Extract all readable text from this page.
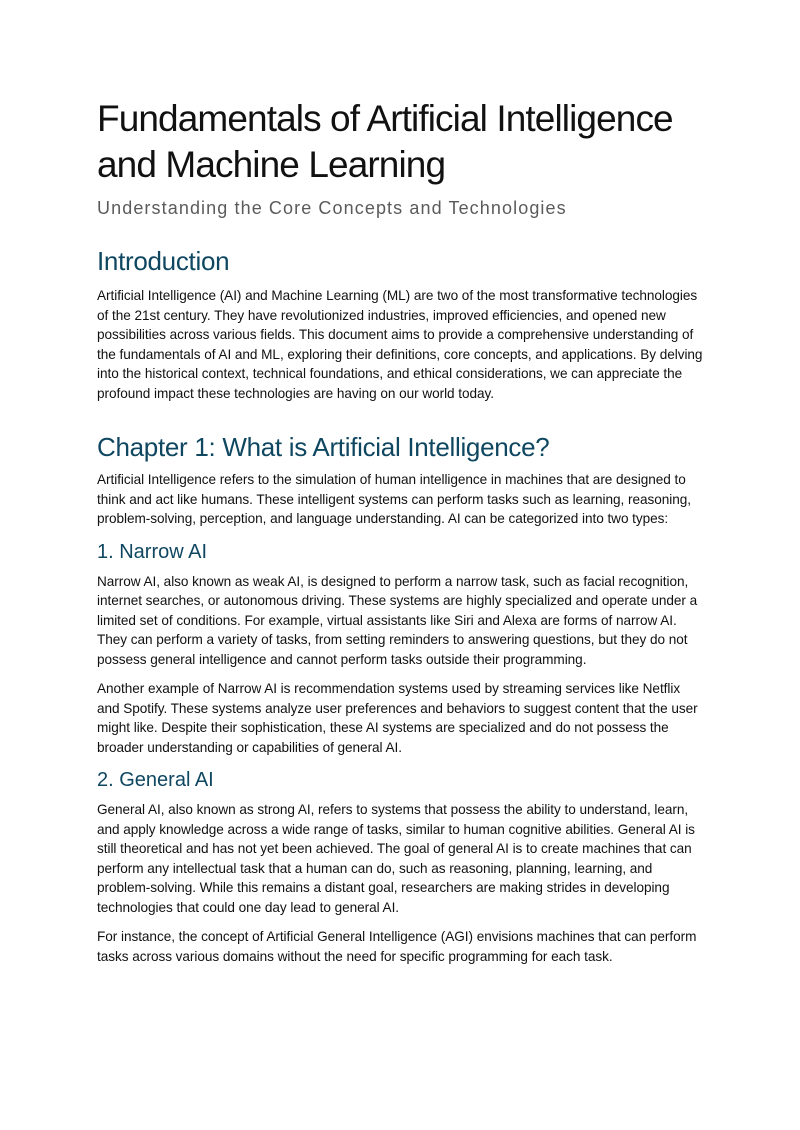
Fundamentals of Artificial Intelligence and Machine Learning
Understanding the Core Concepts and Technologies
Introduction

Artificial Intelligence (AI) and Machine Learning (ML) are two of the most transformative technologies of the 21st century. They have revolutionized industries, improved efficiencies, and opened new possibilities across various fields. This document aims to provide a comprehensive understanding of the fundamentals of AI and ML, exploring their definitions, core concepts, and applications. By delving into the historical context, technical foundations, and ethical considerations, we can appreciate the profound impact these technologies are having on our world today.

Chapter 1: What is Artificial Intelligence?

Artificial Intelligence refers to the simulation of human intelligence in machines that are designed to think and act like humans. These intelligent systems can perform tasks such as learning, reasoning, problem-solving, perception, and language understanding. AI can be categorized into two types:

1. Narrow AI

Narrow AI, also known as weak AI, is designed to perform a narrow task, such as facial recognition, internet searches, or autonomous driving. These systems are highly specialized and operate under a limited set of conditions. For example, virtual assistants like Siri and Alexa are forms of narrow AI. They can perform a variety of tasks, from setting reminders to answering questions, but they do not possess general intelligence and cannot perform tasks outside their programming.

Another example of Narrow AI is recommendation systems used by streaming services like Netflix and Spotify. These systems analyze user preferences and behaviors to suggest content that the user might like. Despite their sophistication, these AI systems are specialized and do not possess the broader understanding or capabilities of general AI.

2. General AI

General AI, also known as strong AI, refers to systems that possess the ability to understand, learn, and apply knowledge across a wide range of tasks, similar to human cognitive abilities. General AI is still theoretical and has not yet been achieved. The goal of general AI is to create machines that can perform any intellectual task that a human can do, such as reasoning, planning, learning, and problem-solving. While this remains a distant goal, researchers are making strides in developing technologies that could one day lead to general AI.

For instance, the concept of Artificial General Intelligence (AGI) envisions machines that can perform tasks across various domains without the need for specific programming for each task.
